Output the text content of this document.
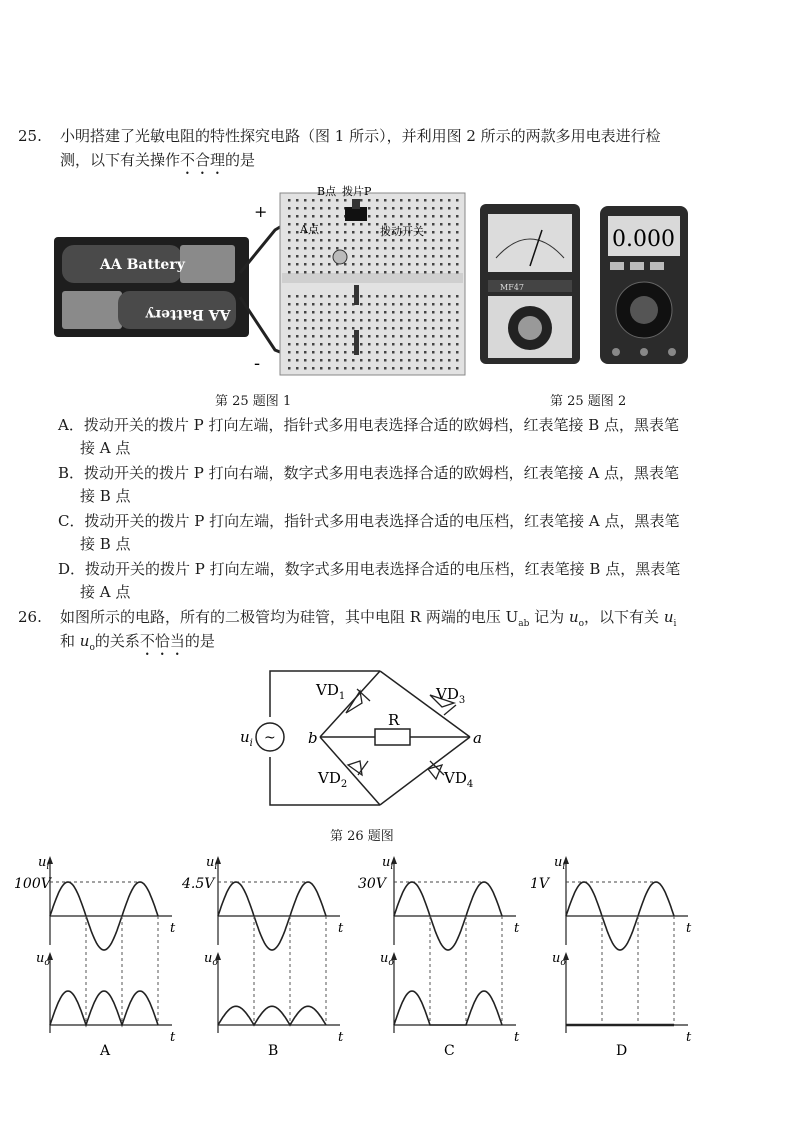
25. 小明搭建了光敏电阻的特性探究电路（图 1 所示），并利用图 2 所示的两款多用电表进行检
测，以下有关操作不合理的是
AA Battery
AA Battery
+
-
B点 拨片P
A点	拨动开关
MF47
0.000
第 25 题图 1	第 25 题图 2
A．拨动开关的拨片 P 打向左端，指针式多用电表选择合适的欧姆档，红表笔接 B 点，黑表笔
接 A 点
B．拨动开关的拨片 P 打向右端，数字式多用电表选择合适的欧姆档，红表笔接 A 点，黑表笔
接 B 点
C．拨动开关的拨片 P 打向左端，指针式多用电表选择合适的电压档，红表笔接 A 点，黑表笔
接 B 点
D．拨动开关的拨片 P 打向左端，数字式多用电表选择合适的电压档，红表笔接 B 点，黑表笔
接 A 点
26. 如图所示的电路，所有的二极管均为硅管，其中电阻 R 两端的电压 $U_{ab}$ 记为 $u_o$，以下有关 $u_i$
和 $u_o$的关系不恰当的是
~
$VD_1$	$VD_3$
$VD_2$	$VD_4$
R
b	a
$u_i$
第 26 题图
$u_i$
100V
t
$u_o$
t
A
$u_i$
4.5V
t
$u_o$
t
B
$u_i$
30V
t
$u_o$
t
C
$u_i$
1V
t
$u_o$
t
D
